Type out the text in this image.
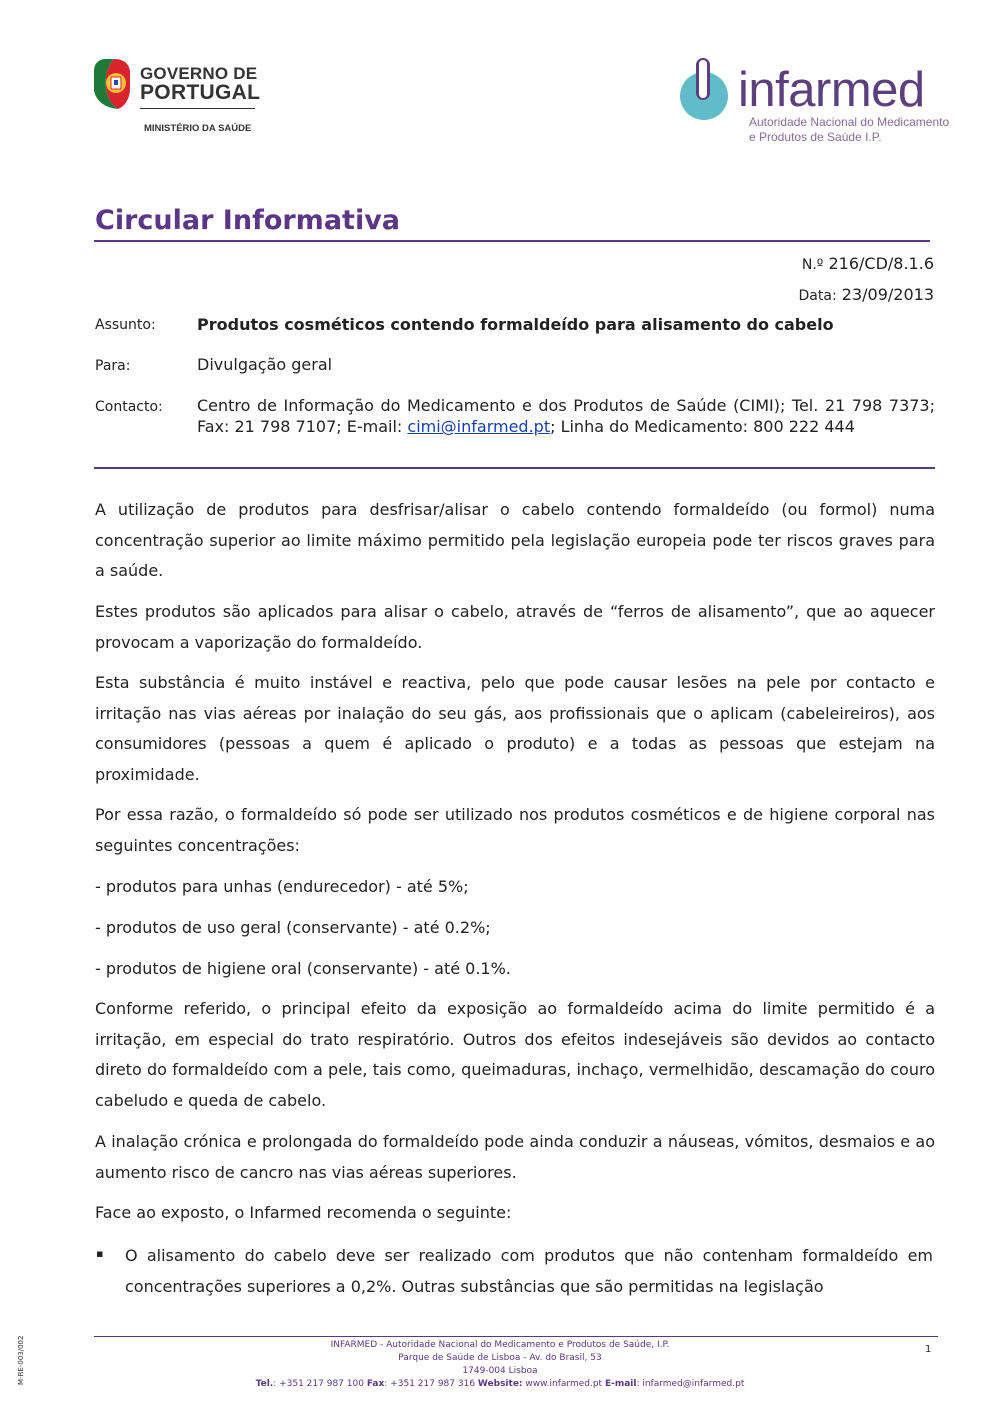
GOVERNO DE
PORTUGAL
MINISTÉRIO DA SAÚDE
infarmed
Autoridade Nacional do Medicamento
e Produtos de Saúde I.P.
Circular Informativa
N.º 216/CD/8.1.6
Data: 23/09/2013
Assunto:	Produtos cosméticos contendo formaldeído para alisamento do cabelo
Para:	Divulgação geral
Contacto: Centro de Informação do Medicamento e dos Produtos de Saúde (CIMI); Tel. 21 798 7373; Fax: 21 798 7107; E-mail: cimi@infarmed.pt; Linha do Medicamento: 800 222 444

A utilização de produtos para desfrisar/alisar o cabelo contendo formaldeído (ou formol) numa concentração superior ao limite máximo permitido pela legislação europeia pode ter riscos graves para a saúde.

Estes produtos são aplicados para alisar o cabelo, através de “ferros de alisamento”, que ao aquecer provocam a vaporização do formaldeído.

Esta substância é muito instável e reactiva, pelo que pode causar lesões na pele por contacto e irritação nas vias aéreas por inalação do seu gás, aos profissionais que o aplicam (cabeleireiros), aos consumidores (pessoas a quem é aplicado o produto) e a todas as pessoas que estejam na proximidade.

Por essa razão, o formaldeído só pode ser utilizado nos produtos cosméticos e de higiene corporal nas seguintes concentrações:

- produtos para unhas (endurecedor) - até 5%;
- produtos de uso geral (conservante) - até 0.2%;
- produtos de higiene oral (conservante) - até 0.1%.

Conforme referido, o principal efeito da exposição ao formaldeído acima do limite permitido é a irritação, em especial do trato respiratório. Outros dos efeitos indesejáveis são devidos ao contacto direto do formaldeído com a pele, tais como, queimaduras, inchaço, vermelhidão, descamação do couro cabeludo e queda de cabelo.

A inalação crónica e prolongada do formaldeído pode ainda conduzir a náuseas, vómitos, desmaios e ao aumento risco de cancro nas vias aéreas superiores.

Face ao exposto, o Infarmed recomenda o seguinte:

▪ O alisamento do cabelo deve ser realizado com produtos que não contenham formaldeído em concentrações superiores a 0,2%. Outras substâncias que são permitidas na legislação

INFARMED - Autoridade Nacional do Medicamento e Produtos de Saúde, I.P.
Parque de Saúde de Lisboa - Av. do Brasil, 53
1749-004 Lisboa
Tel.: +351 217 987 100 Fax: +351 217 987 316 Website: www.infarmed.pt E-mail: infarmed@infarmed.pt
1
M-RE-003/002
